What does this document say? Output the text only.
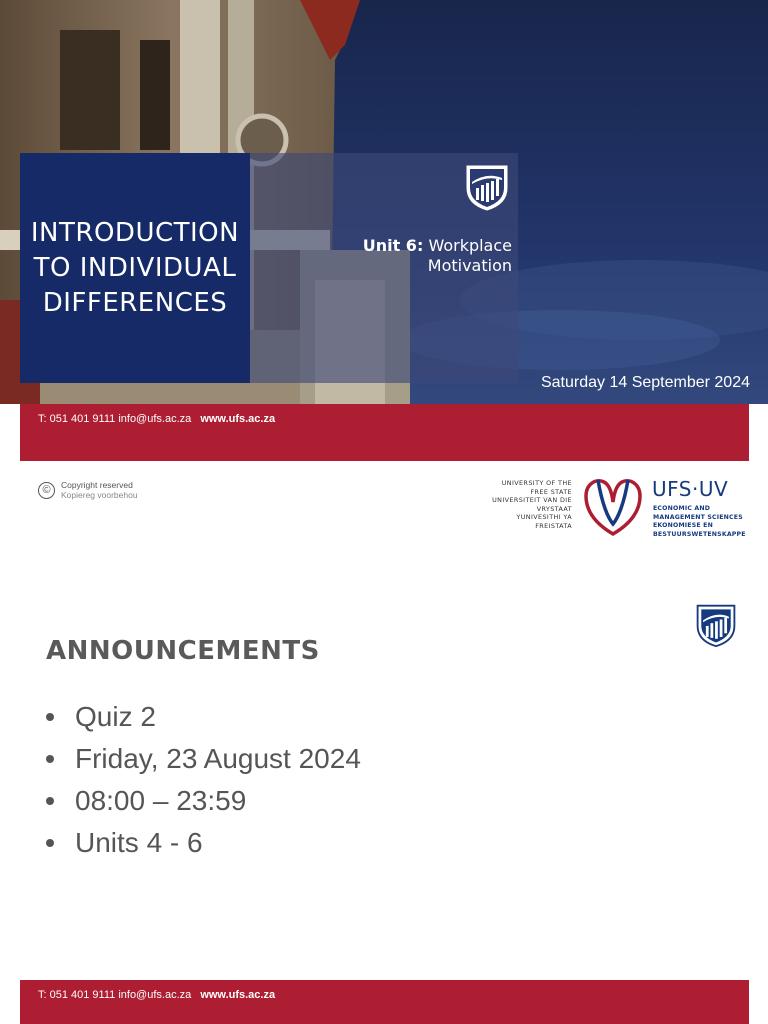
INTRODUCTION TO INDIVIDUAL DIFFERENCES
Unit 6: Workplace Motivation
Saturday 14 September 2024
T: 051 401 9111 info@ufs.ac.za www.ufs.ac.za
©	Copyright reserved
Kopiereg voorbehou
UNIVERSITY OF THE
FREE STATE
UNIVERSITEIT VAN DIE
VRYSTAAT
YUNIVESITHI YA
FREISTATA
UFS·UV
ECONOMIC AND
MANAGEMENT SCIENCES
EKONOMIESE EN
BESTUURSWETENSKAPPE
ANNOUNCEMENTS
Quiz 2
Friday, 23 August 2024
08:00 – 23:59
Units 4 - 6
T: 051 401 9111 info@ufs.ac.za www.ufs.ac.za
